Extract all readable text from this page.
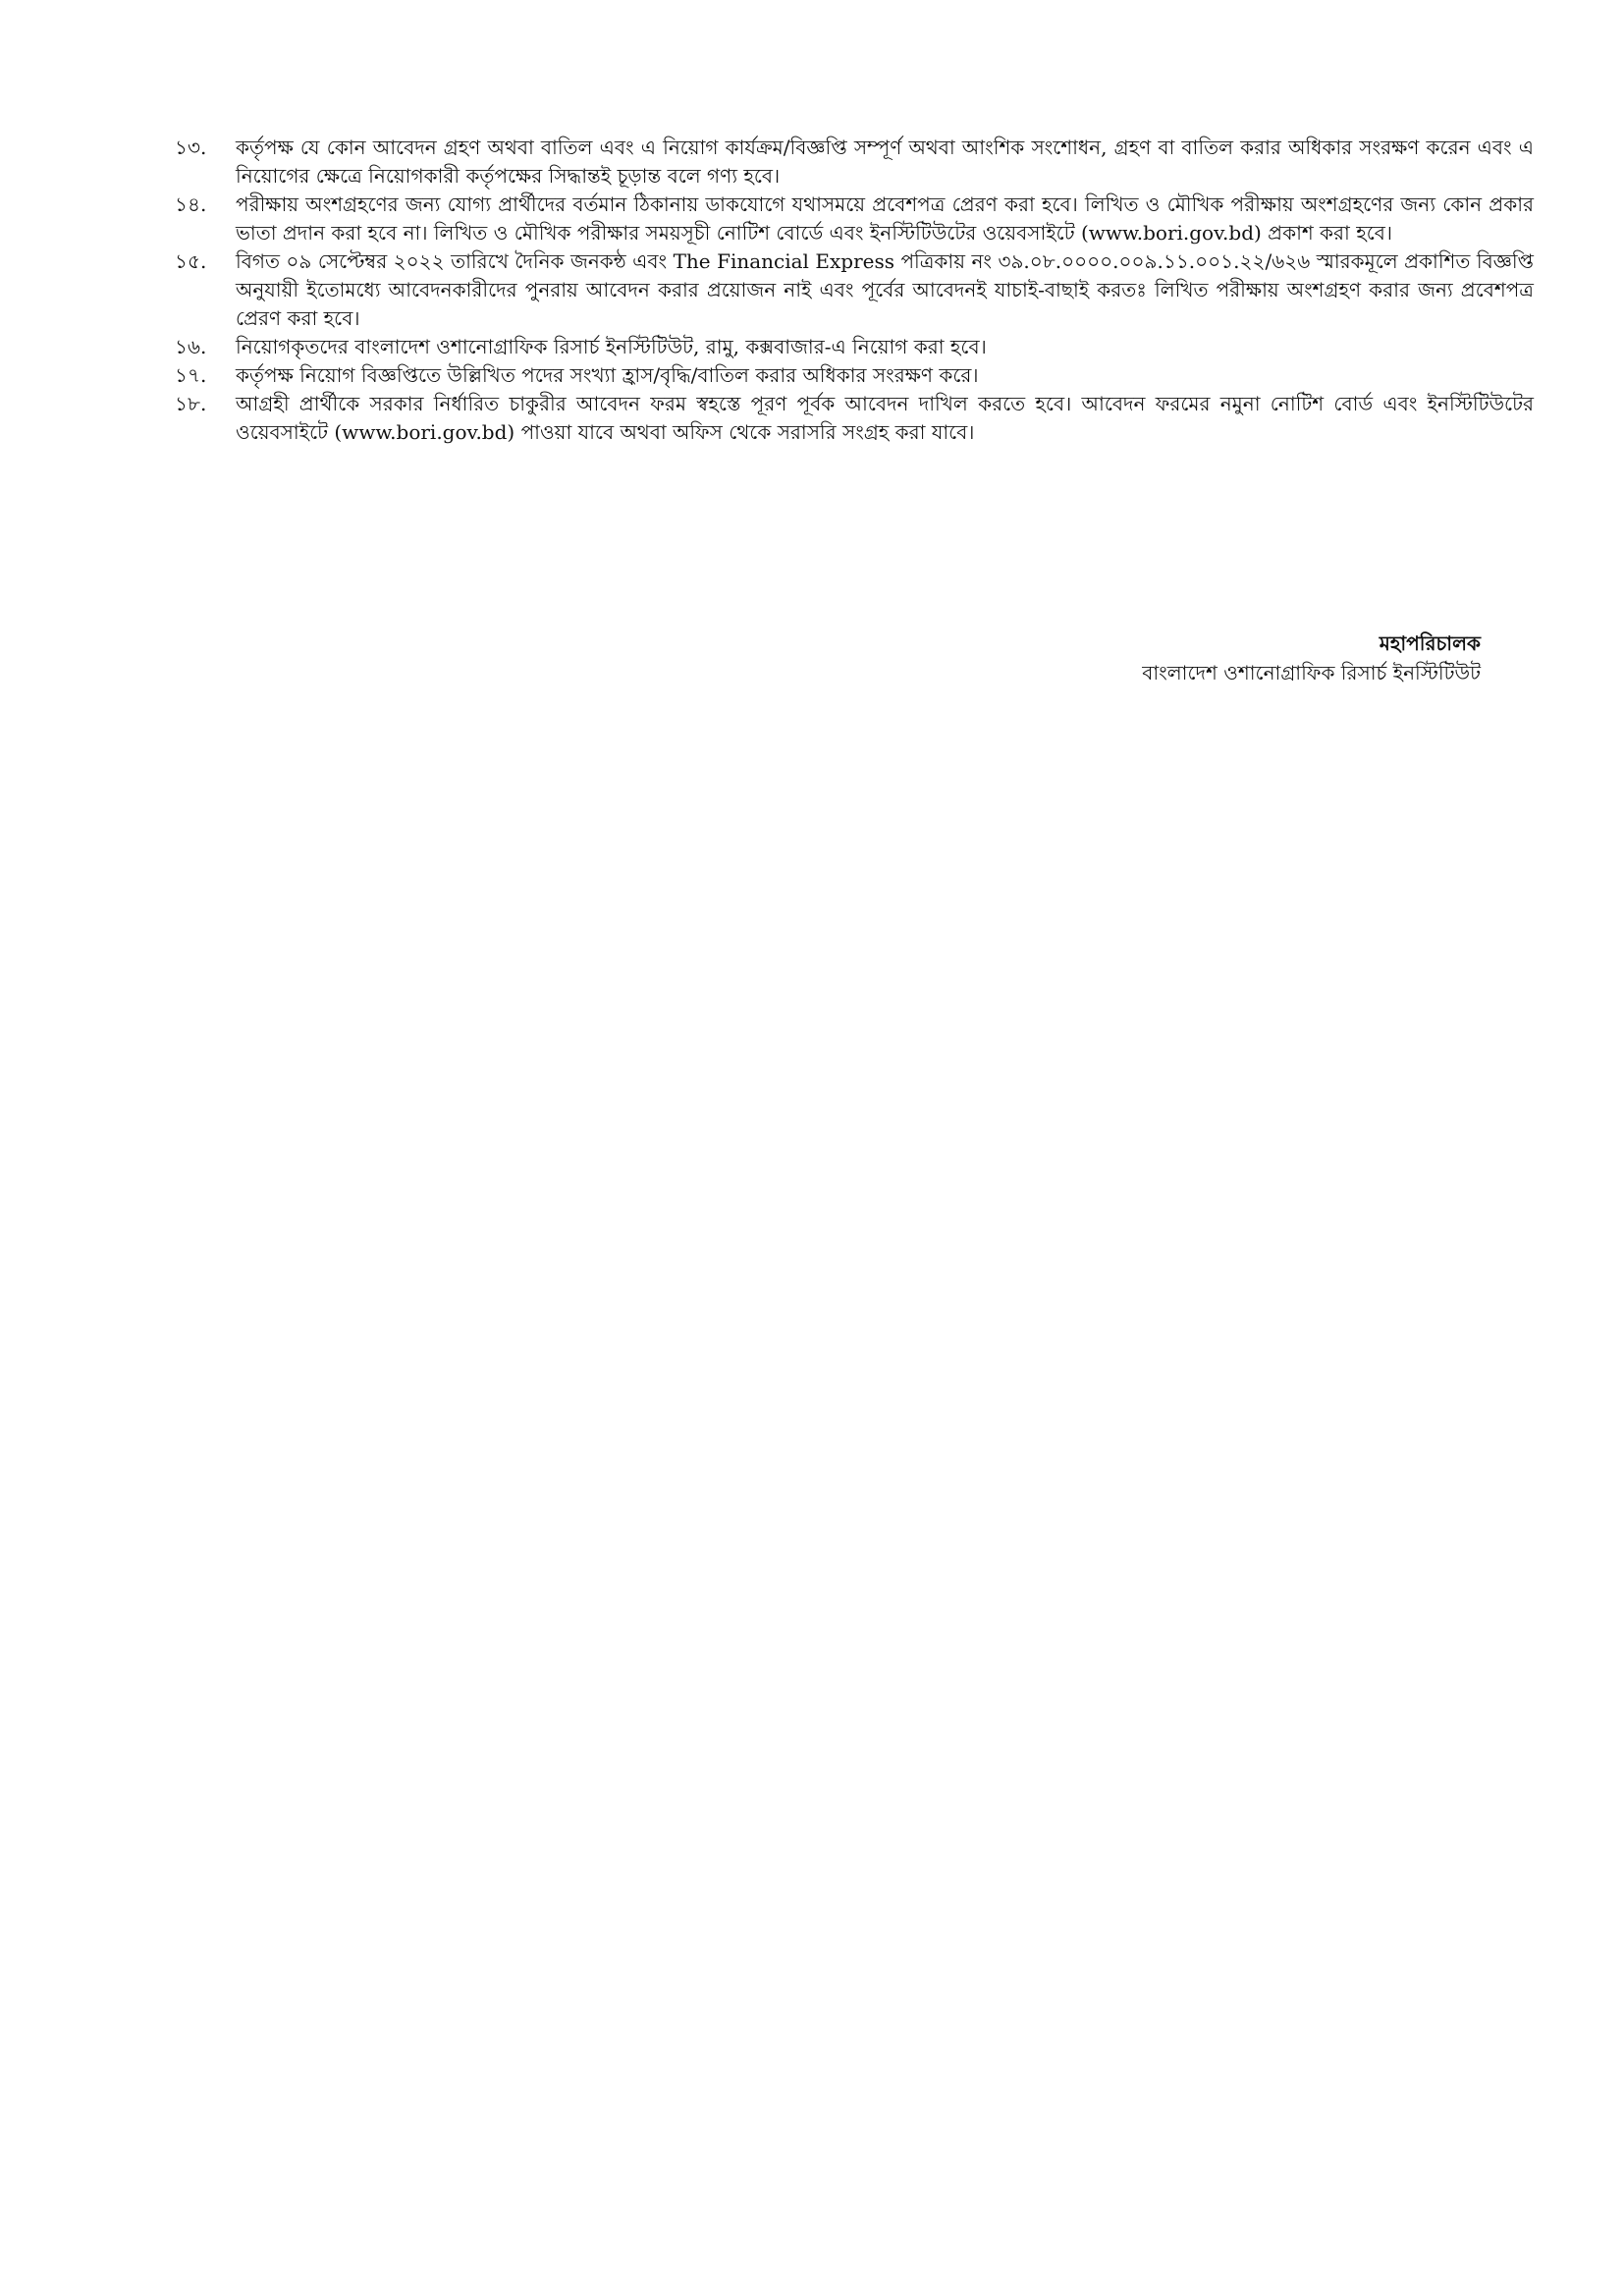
১৩.	কর্তৃপক্ষ যে কোন আবেদন গ্রহণ অথবা বাতিল এবং এ নিয়োগ কার্যক্রম/বিজ্ঞপ্তি সম্পূর্ণ অথবা আংশিক সংশোধন, গ্রহণ বা বাতিল করার অধিকার সংরক্ষণ করেন এবং এ নিয়োগের ক্ষেত্রে নিয়োগকারী কর্তৃপক্ষের সিদ্ধান্তই চূড়ান্ত বলে গণ্য হবে।
১৪.	পরীক্ষায় অংশগ্রহণের জন্য যোগ্য প্রার্থীদের বর্তমান ঠিকানায় ডাকযোগে যথাসময়ে প্রবেশপত্র প্রেরণ করা হবে। লিখিত ও মৌখিক পরীক্ষায় অংশগ্রহণের জন্য কোন প্রকার ভাতা প্রদান করা হবে না। লিখিত ও মৌখিক পরীক্ষার সময়সূচী নোটিশ বোর্ডে এবং ইনস্টিটিউটের ওয়েবসাইটে (www.bori.gov.bd) প্রকাশ করা হবে।
১৫.	বিগত ০৯ সেপ্টেম্বর ২০২২ তারিখে দৈনিক জনকন্ঠ এবং The Financial Express পত্রিকায় নং ৩৯.০৮.০০০০.০০৯.১১.০০১.২২/৬২৬ স্মারকমূলে প্রকাশিত বিজ্ঞপ্তি অনুযায়ী ইতোমধ্যে আবেদনকারীদের পুনরায় আবেদন করার প্রয়োজন নাই এবং পূর্বের আবেদনই যাচাই-বাছাই করতঃ লিখিত পরীক্ষায় অংশগ্রহণ করার জন্য প্রবেশপত্র প্রেরণ করা হবে।
১৬.	নিয়োগকৃতদের বাংলাদেশ ওশানোগ্রাফিক রিসার্চ ইনস্টিটিউট, রামু, কক্সবাজার-এ নিয়োগ করা হবে।
১৭.	কর্তৃপক্ষ নিয়োগ বিজ্ঞপ্তিতে উল্লিখিত পদের সংখ্যা হ্রাস/বৃদ্ধি/বাতিল করার অধিকার সংরক্ষণ করে।
১৮.	আগ্রহী প্রার্থীকে সরকার নির্ধারিত চাকুরীর আবেদন ফরম স্বহস্তে পূরণ পূর্বক আবেদন দাখিল করতে হবে। আবেদন ফরমের নমুনা নোটিশ বোর্ড এবং ইনস্টিটিউটের ওয়েবসাইটে (www.bori.gov.bd) পাওয়া যাবে অথবা অফিস থেকে সরাসরি সংগ্রহ করা যাবে।
মহাপরিচালক
বাংলাদেশ ওশানোগ্রাফিক রিসার্চ ইনস্টিটিউট
